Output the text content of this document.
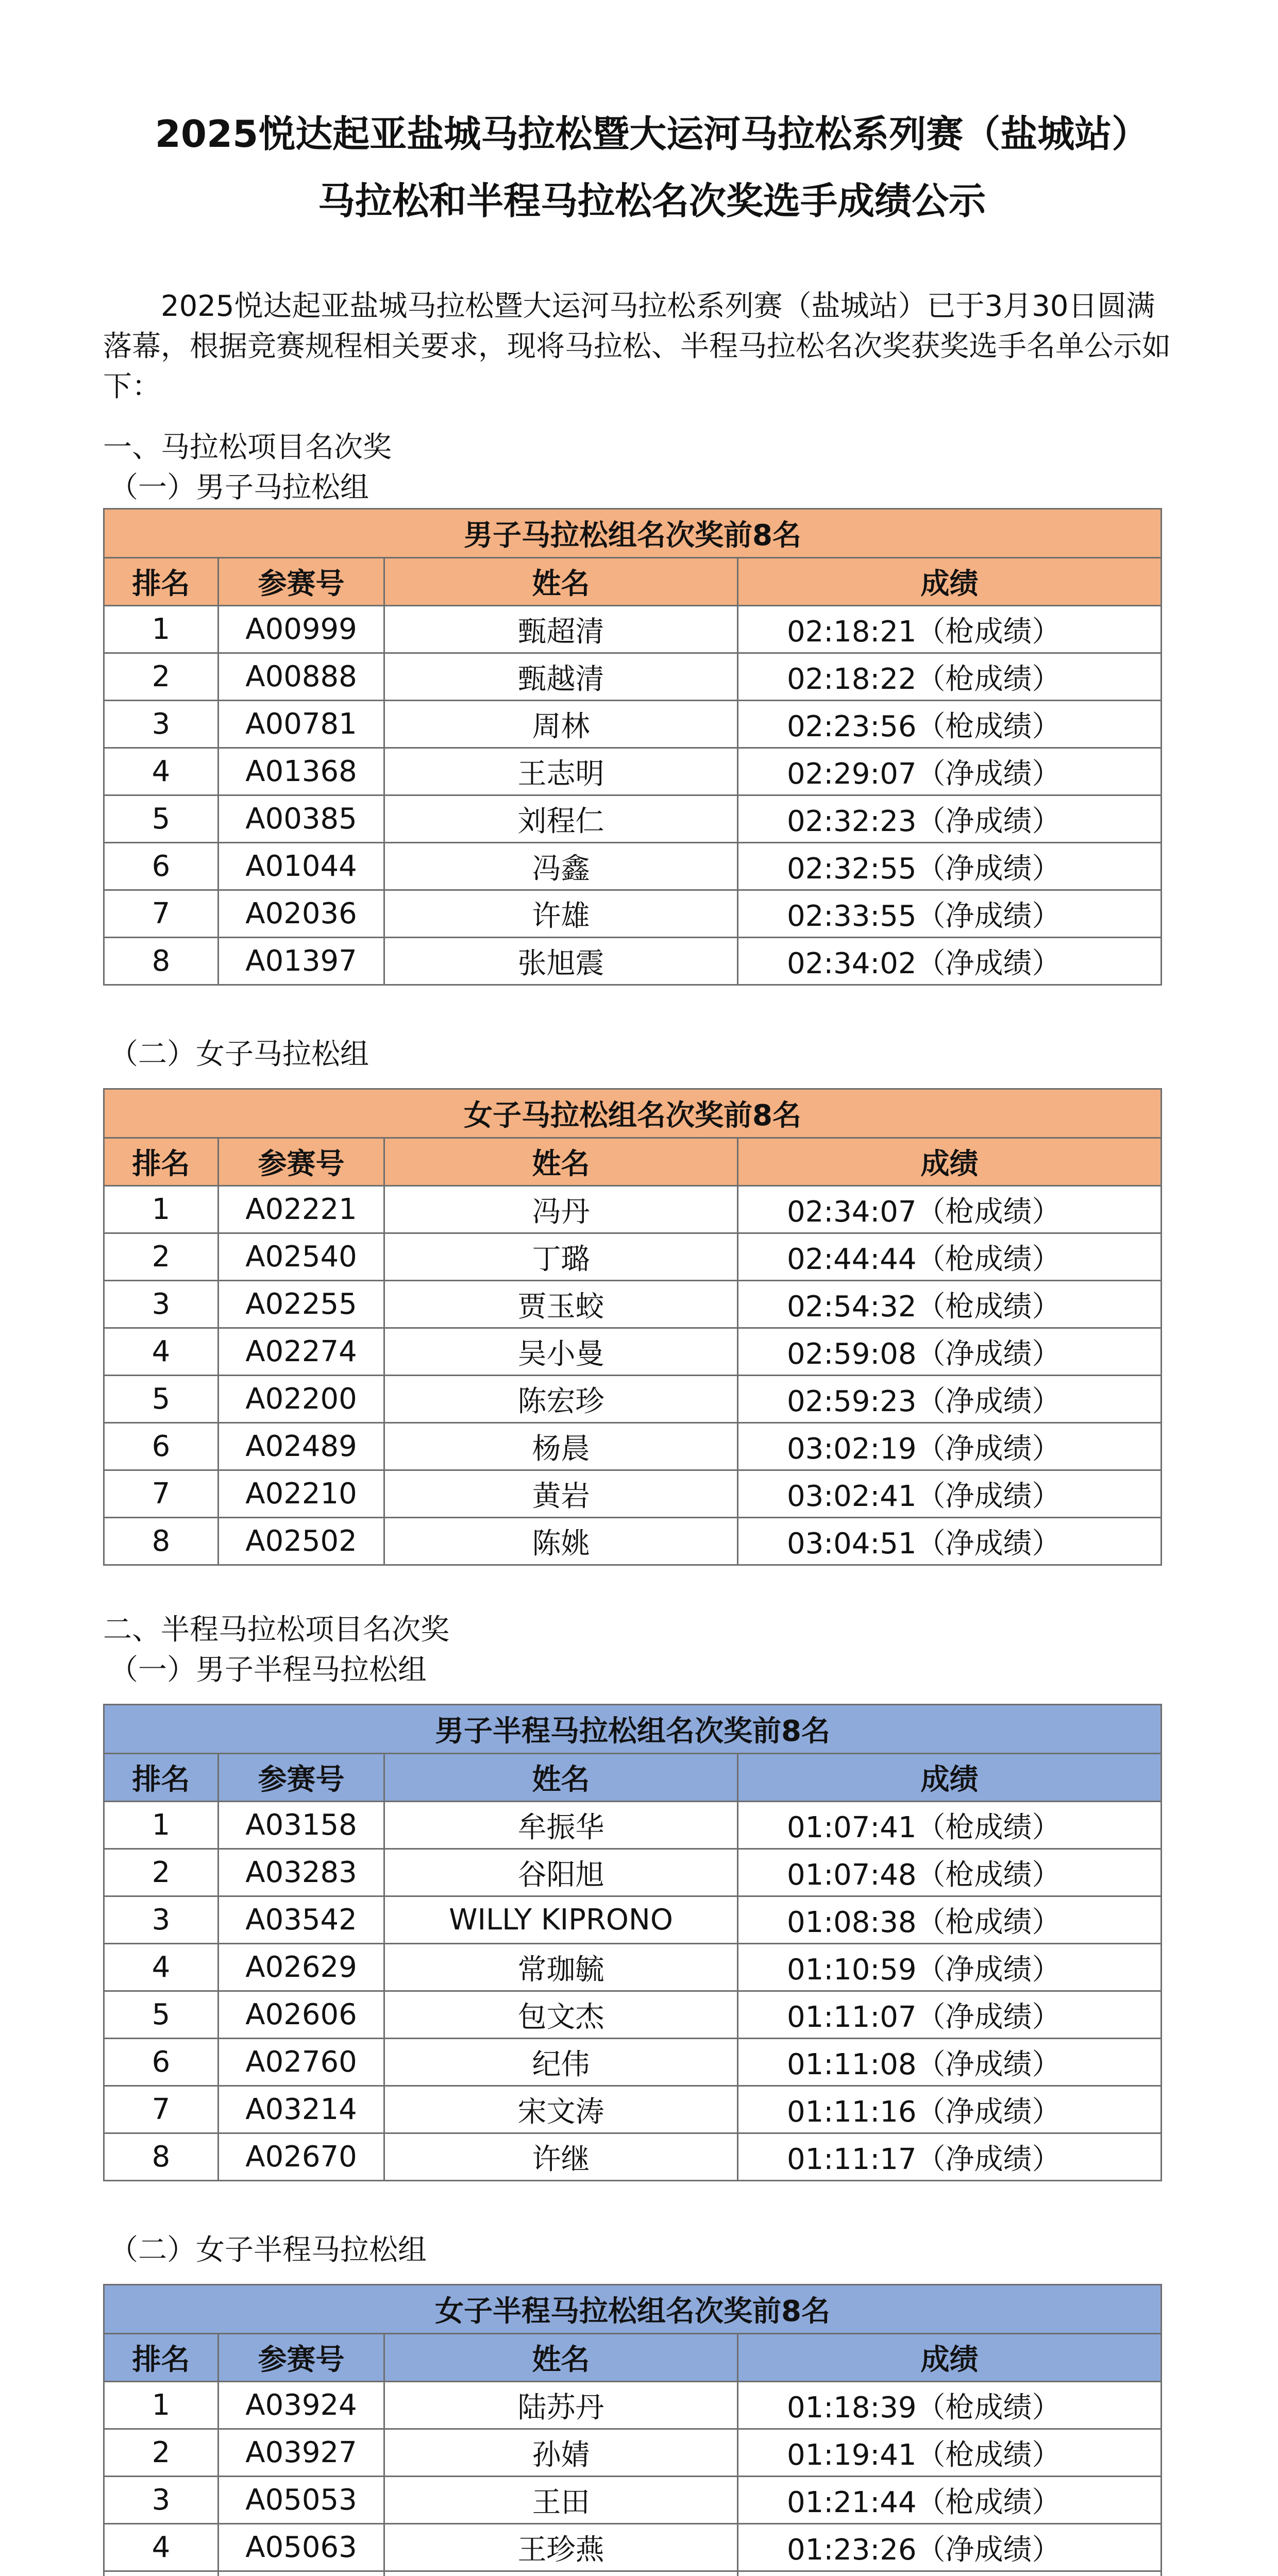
2025悦达起亚盐城马拉松暨大运河马拉松系列赛（盐城站）
马拉松和半程马拉松名次奖选手成绩公示
2025悦达起亚盐城马拉松暨大运河马拉松系列赛（盐城站）已于3月30日圆满落幕，根据竞赛规程相关要求，现将马拉松、半程马拉松名次奖获奖选手名单公示如下：
一、马拉松项目名次奖
（一）男子马拉松组
男子马拉松组名次奖前8名			
排名	参赛号	姓名	成绩
1	A00999	甄超清	02:18:21（枪成绩）
2	A00888	甄越清	02:18:22（枪成绩）
3	A00781	周林	02:23:56（枪成绩）
4	A01368	王志明	02:29:07（净成绩）
5	A00385	刘程仁	02:32:23（净成绩）
6	A01044	冯鑫	02:32:55（净成绩）
7	A02036	许雄	02:33:55（净成绩）
8	A01397	张旭震	02:34:02（净成绩）
（二）女子马拉松组
女子马拉松组名次奖前8名			
排名	参赛号	姓名	成绩
1	A02221	冯丹	02:34:07（枪成绩）
2	A02540	丁璐	02:44:44（枪成绩）
3	A02255	贾玉蛟	02:54:32（枪成绩）
4	A02274	吴小曼	02:59:08（净成绩）
5	A02200	陈宏珍	02:59:23（净成绩）
6	A02489	杨晨	03:02:19（净成绩）
7	A02210	黄岩	03:02:41（净成绩）
8	A02502	陈姚	03:04:51（净成绩）
二、半程马拉松项目名次奖
（一）男子半程马拉松组
男子半程马拉松组名次奖前8名			
排名	参赛号	姓名	成绩
1	A03158	牟振华	01:07:41（枪成绩）
2	A03283	谷阳旭	01:07:48（枪成绩）
3	A03542	WILLY KIPRONO	01:08:38（枪成绩）
4	A02629	常珈毓	01:10:59（净成绩）
5	A02606	包文杰	01:11:07（净成绩）
6	A02760	纪伟	01:11:08（净成绩）
7	A03214	宋文涛	01:11:16（净成绩）
8	A02670	许继	01:11:17（净成绩）
（二）女子半程马拉松组
女子半程马拉松组名次奖前8名			
排名	参赛号	姓名	成绩
1	A03924	陆苏丹	01:18:39（枪成绩）
2	A03927	孙婧	01:19:41（枪成绩）
3	A05053	王田	01:21:44（枪成绩）
4	A05063	王珍燕	01:23:26（净成绩）
